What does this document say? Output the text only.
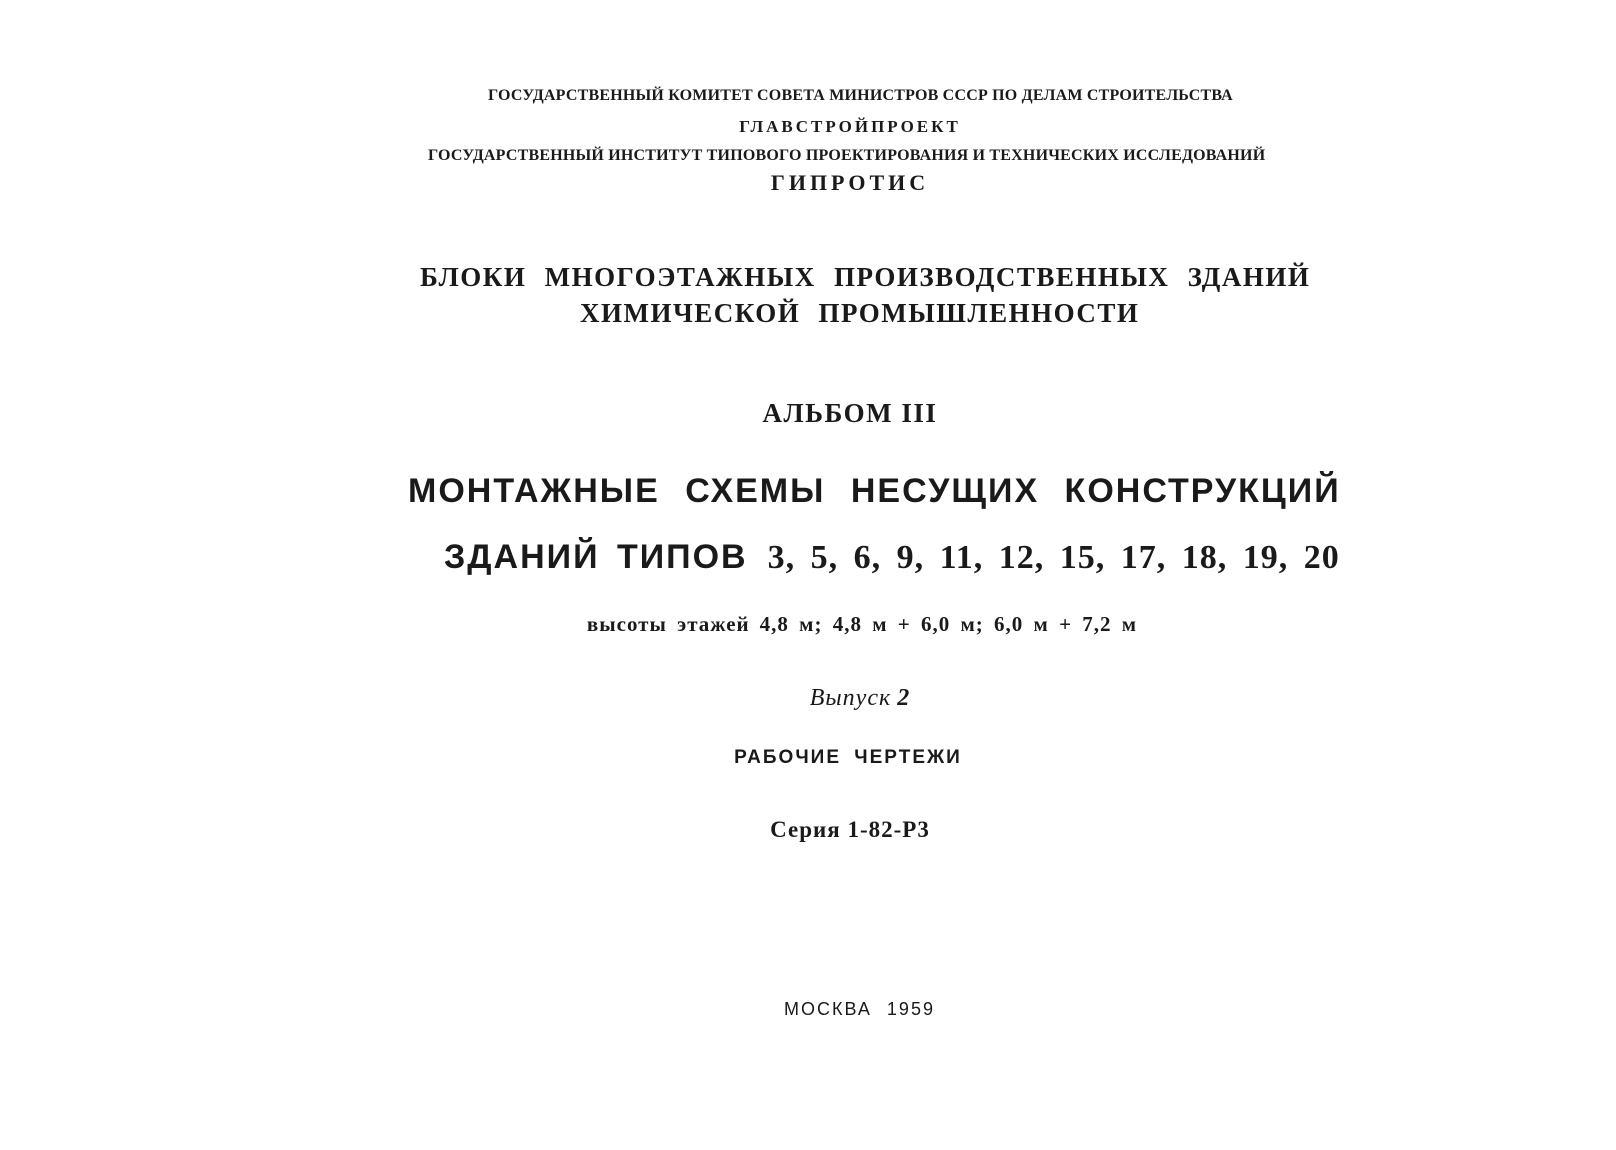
ГОСУДАРСТВЕННЫЙ КОМИТЕТ СОВЕТА МИНИСТРОВ СССР ПО ДЕЛАМ СТРОИТЕЛЬСТВА
ГЛАВСТРОЙПРОЕКТ
ГОСУДАРСТВЕННЫЙ ИНСТИТУТ ТИПОВОГО ПРОЕКТИРОВАНИЯ И ТЕХНИЧЕСКИХ ИССЛЕДОВАНИЙ
ГИПРОТИС
БЛОКИ МНОГОЭТАЖНЫХ ПРОИЗВОДСТВЕННЫХ ЗДАНИЙ
ХИМИЧЕСКОЙ ПРОМЫШЛЕННОСТИ
АЛЬБОМ III
МОНТАЖНЫЕ СХЕМЫ НЕСУЩИХ КОНСТРУКЦИЙ
ЗДАНИЙ ТИПОВ 3, 5, 6, 9, 11, 12, 15, 17, 18, 19, 20
высоты этажей 4,8 м; 4,8 м + 6,0 м; 6,0 м + 7,2 м
Выпуск 2
РАБОЧИЕ ЧЕРТЕЖИ
Серия 1-82-Р3
МОСКВА 1959
